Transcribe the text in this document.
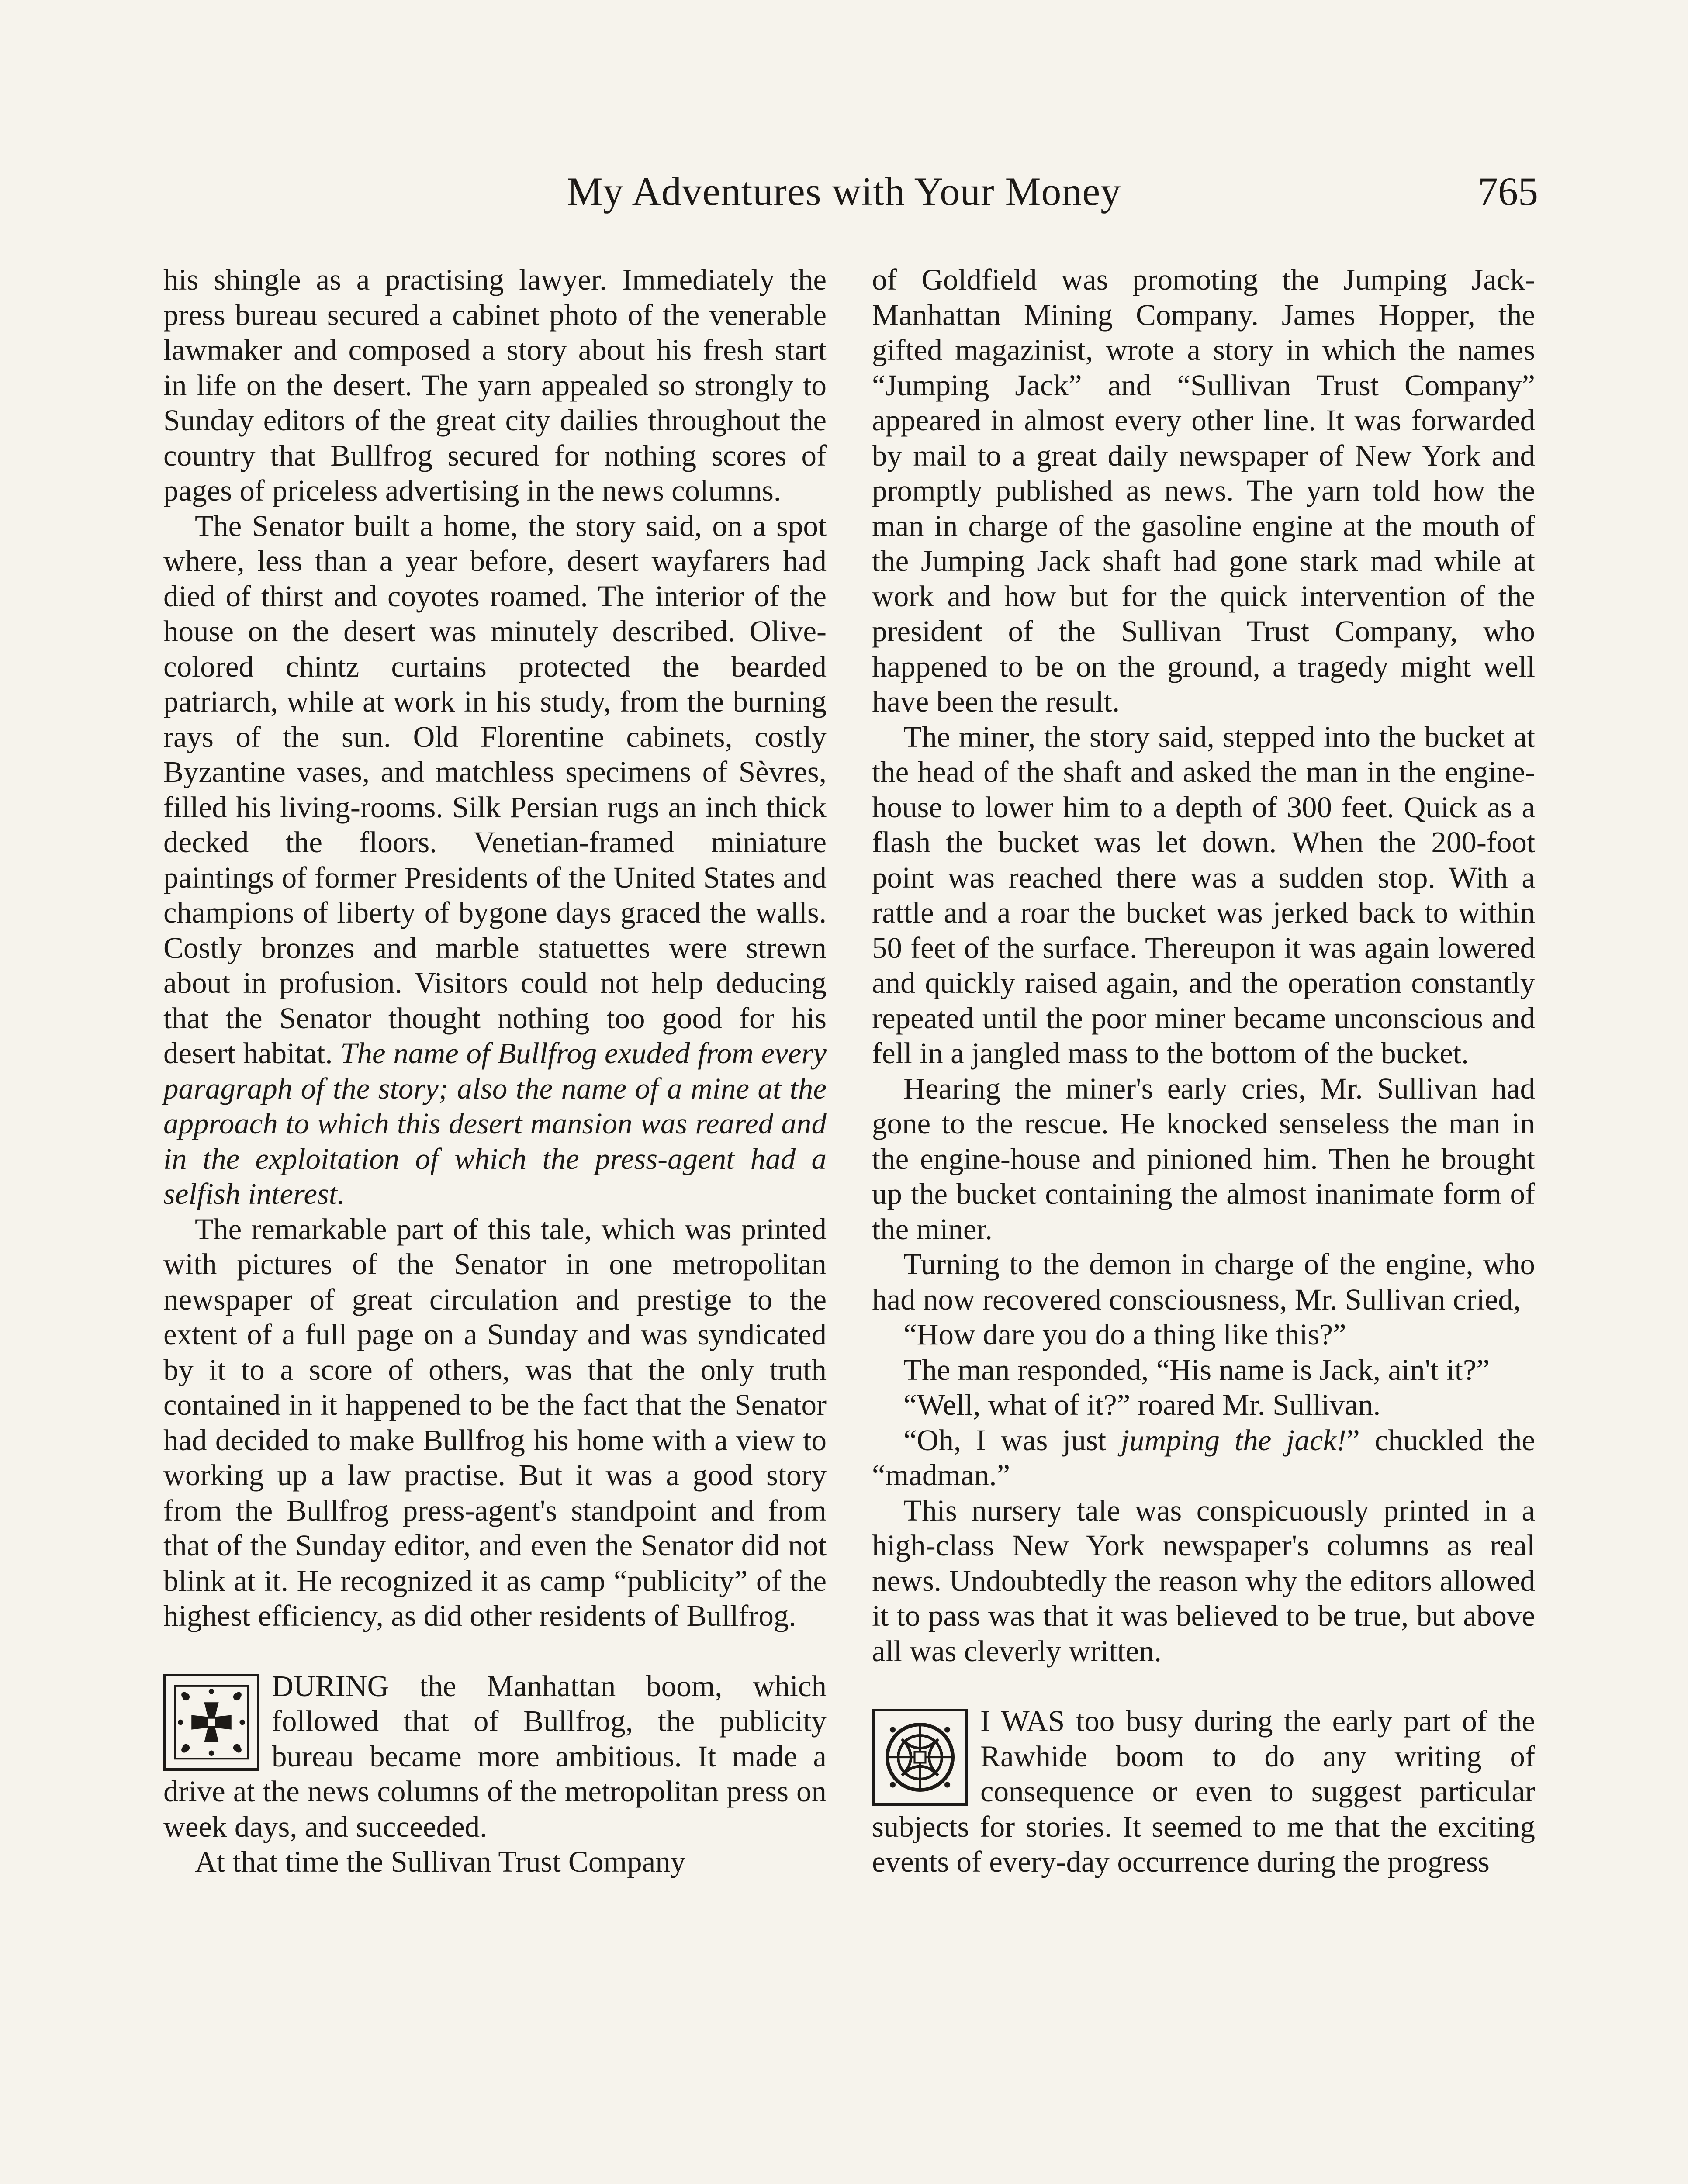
My Adventures with Your Money	765

his shingle as a practising lawyer. Immediately the press bureau secured a cabinet photo of the venerable lawmaker and composed a story about his fresh start in life on the desert. The yarn appealed so strongly to Sunday editors of the great city dailies throughout the country that Bullfrog secured for nothing scores of pages of priceless advertising in the news columns.

The Senator built a home, the story said, on a spot where, less than a year before, desert wayfarers had died of thirst and coyotes roamed. The interior of the house on the desert was minutely described. Olive-colored chintz curtains protected the bearded patriarch, while at work in his study, from the burning rays of the sun. Old Florentine cabinets, costly Byzantine vases, and matchless specimens of Sèvres, filled his living-rooms. Silk Persian rugs an inch thick decked the floors. Venetian-framed miniature paintings of former Presidents of the United States and champions of liberty of bygone days graced the walls. Costly bronzes and marble statuettes were strewn about in profusion. Visitors could not help deducing that the Senator thought nothing too good for his desert habitat. The name of Bullfrog exuded from every paragraph of the story; also the name of a mine at the approach to which this desert mansion was reared and in the exploitation of which the press-agent had a selfish interest.

The remarkable part of this tale, which was printed with pictures of the Senator in one metropolitan newspaper of great circulation and prestige to the extent of a full page on a Sunday and was syndicated by it to a score of others, was that the only truth contained in it happened to be the fact that the Senator had decided to make Bullfrog his home with a view to working up a law practise. But it was a good story from the Bullfrog press-agent's standpoint and from that of the Sunday editor, and even the Senator did not blink at it. He recognized it as camp “publicity” of the highest efficiency, as did other residents of Bullfrog.

DURING the Manhattan boom, which followed that of Bullfrog, the publicity bureau became more ambitious. It made a drive at the news columns of the metropolitan press on week days, and succeeded.

At that time the Sullivan Trust Company

of Goldfield was promoting the Jumping Jack-Manhattan Mining Company. James Hopper, the gifted magazinist, wrote a story in which the names “Jumping Jack” and “Sullivan Trust Company” appeared in almost every other line. It was forwarded by mail to a great daily newspaper of New York and promptly published as news. The yarn told how the man in charge of the gasoline engine at the mouth of the Jumping Jack shaft had gone stark mad while at work and how but for the quick intervention of the president of the Sullivan Trust Company, who happened to be on the ground, a tragedy might well have been the result.

The miner, the story said, stepped into the bucket at the head of the shaft and asked the man in the engine-house to lower him to a depth of 300 feet. Quick as a flash the bucket was let down. When the 200-foot point was reached there was a sudden stop. With a rattle and a roar the bucket was jerked back to within 50 feet of the surface. Thereupon it was again lowered and quickly raised again, and the operation constantly repeated until the poor miner became unconscious and fell in a jangled mass to the bottom of the bucket.

Hearing the miner's early cries, Mr. Sullivan had gone to the rescue. He knocked senseless the man in the engine-house and pinioned him. Then he brought up the bucket containing the almost inanimate form of the miner.

Turning to the demon in charge of the engine, who had now recovered consciousness, Mr. Sullivan cried,

“How dare you do a thing like this?”

The man responded, “His name is Jack, ain't it?”

“Well, what of it?” roared Mr. Sullivan.

“Oh, I was just jumping the jack!” chuckled the “madman.”

This nursery tale was conspicuously printed in a high-class New York newspaper's columns as real news. Undoubtedly the reason why the editors allowed it to pass was that it was believed to be true, but above all was cleverly written.

I WAS too busy during the early part of the Rawhide boom to do any writing of consequence or even to suggest particular subjects for stories. It seemed to me that the exciting events of every-day occurrence during the progress
